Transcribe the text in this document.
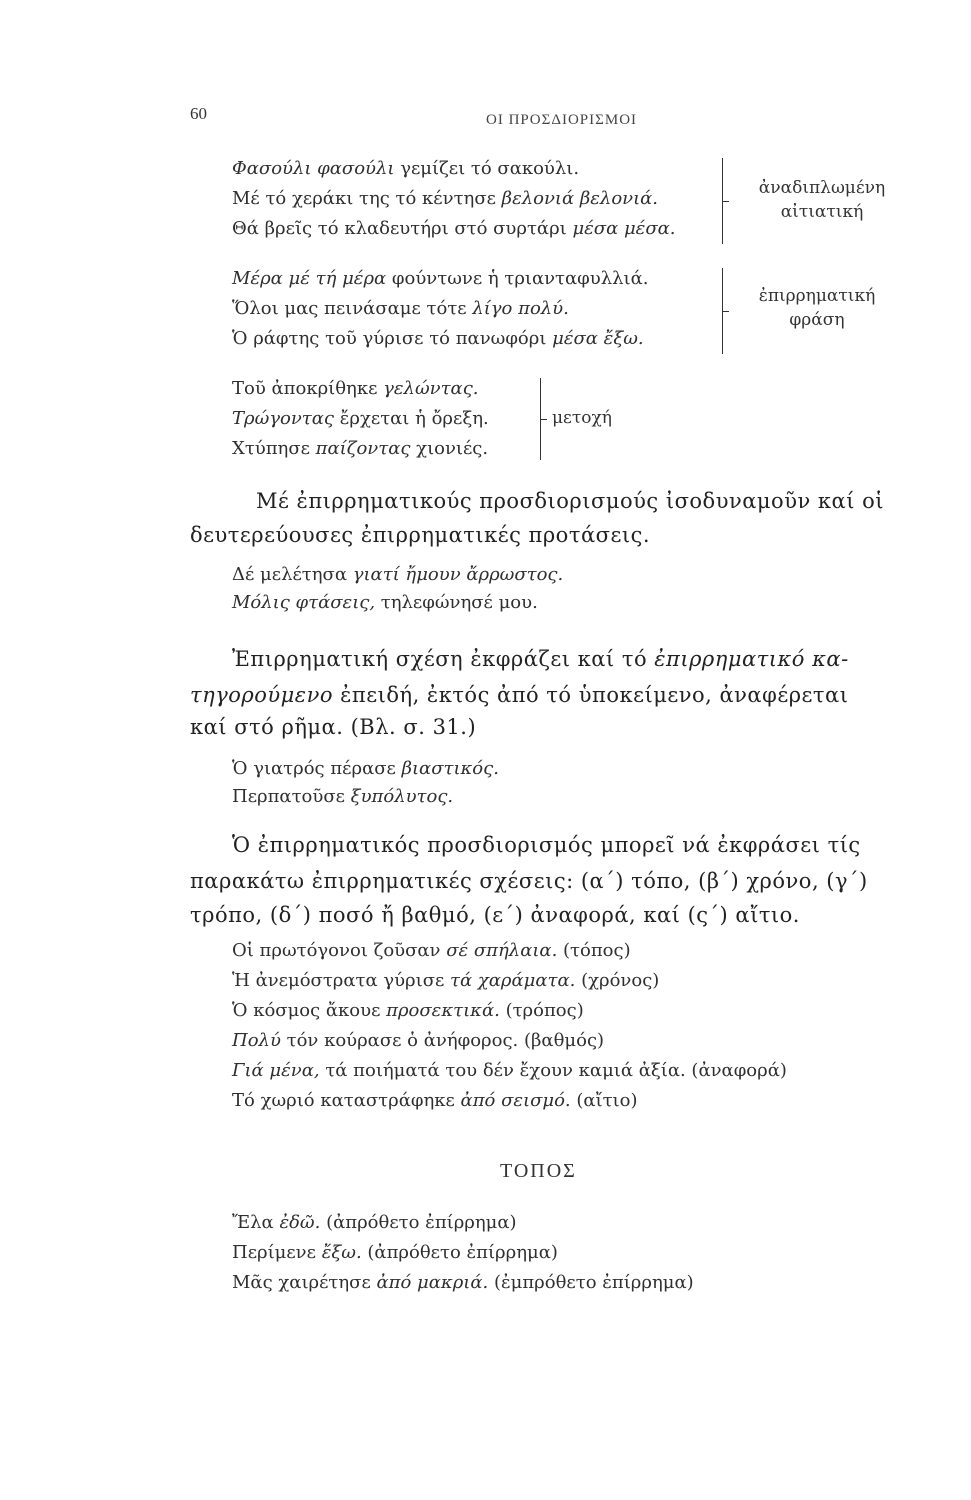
60	ΟΙ ΠΡΟΣΔΙΟΡΙΣΜΟΙ
Φασούλι φασούλι γεμίζει τό σακούλι.
Μέ τό χεράκι της τό κέντησε βελονιά βελονιά.
Θά βρεῖς τό κλαδευτήρι στό συρτάρι μέσα μέσα.
ἀναδιπλωμένη
αἰτιατική
Μέρα μέ τή μέρα φούντωνε ἡ τριανταφυλλιά.
Ὅλοι μας πεινάσαμε τότε λίγο πολύ.
Ὁ ράφτης τοῦ γύρισε τό πανωφόρι μέσα ἔξω.
ἐπιρρηματική
φράση
Τοῦ ἀποκρίθηκε γελώντας.
Τρώγοντας ἔρχεται ἡ ὄρεξη.
Χτύπησε παίζοντας χιονιές.
μετοχή
Μέ ἐπιρρηματικούς προσδιορισμούς ἰσοδυναμοῦν καί οἱ
δευτερεύουσες ἐπιρρηματικές προτάσεις.
Δέ μελέτησα γιατί ἤμουν ἄρρωστος.
Μόλις φτάσεις, τηλεφώνησέ μου.
Ἐπιρρηματική σχέση ἐκφράζει καί τό ἐπιρρηματικό κα-
τηγορούμενο ἐπειδή, ἐκτός ἀπό τό ὑποκείμενο, ἀναφέρεται
καί στό ρῆμα. (Βλ. σ. 31.)
Ὁ γιατρός πέρασε βιαστικός.
Περπατοῦσε ξυπόλυτος.
Ὁ ἐπιρρηματικός προσδιορισμός μπορεῖ νά ἐκφράσει τίς
παρακάτω ἐπιρρηματικές σχέσεις: (α΄) τόπο, (β΄) χρόνο, (γ΄)
τρόπο, (δ΄) ποσό ἤ βαθμό, (ε΄) ἀναφορά, καί (ς΄) αἴτιο.
Οἱ πρωτόγονοι ζοῦσαν σέ σπήλαια. (τόπος)
Ἡ ἀνεμόστρατα γύρισε τά χαράματα. (χρόνος)
Ὁ κόσμος ἄκουε προσεκτικά. (τρόπος)
Πολύ τόν κούρασε ὁ ἀνήφορος. (βαθμός)
Γιά μένα, τά ποιήματά του δέν ἔχουν καμιά ἀξία. (ἀναφορά)
Τό χωριό καταστράφηκε ἀπό σεισμό. (αἴτιο)
ΤΟΠΟΣ
Ἔλα ἐδῶ. (ἀπρόθετο ἐπίρρημα)
Περίμενε ἔξω. (ἀπρόθετο ἐπίρρημα)
Μᾶς χαιρέτησε ἀπό μακριά. (ἐμπρόθετο ἐπίρρημα)
